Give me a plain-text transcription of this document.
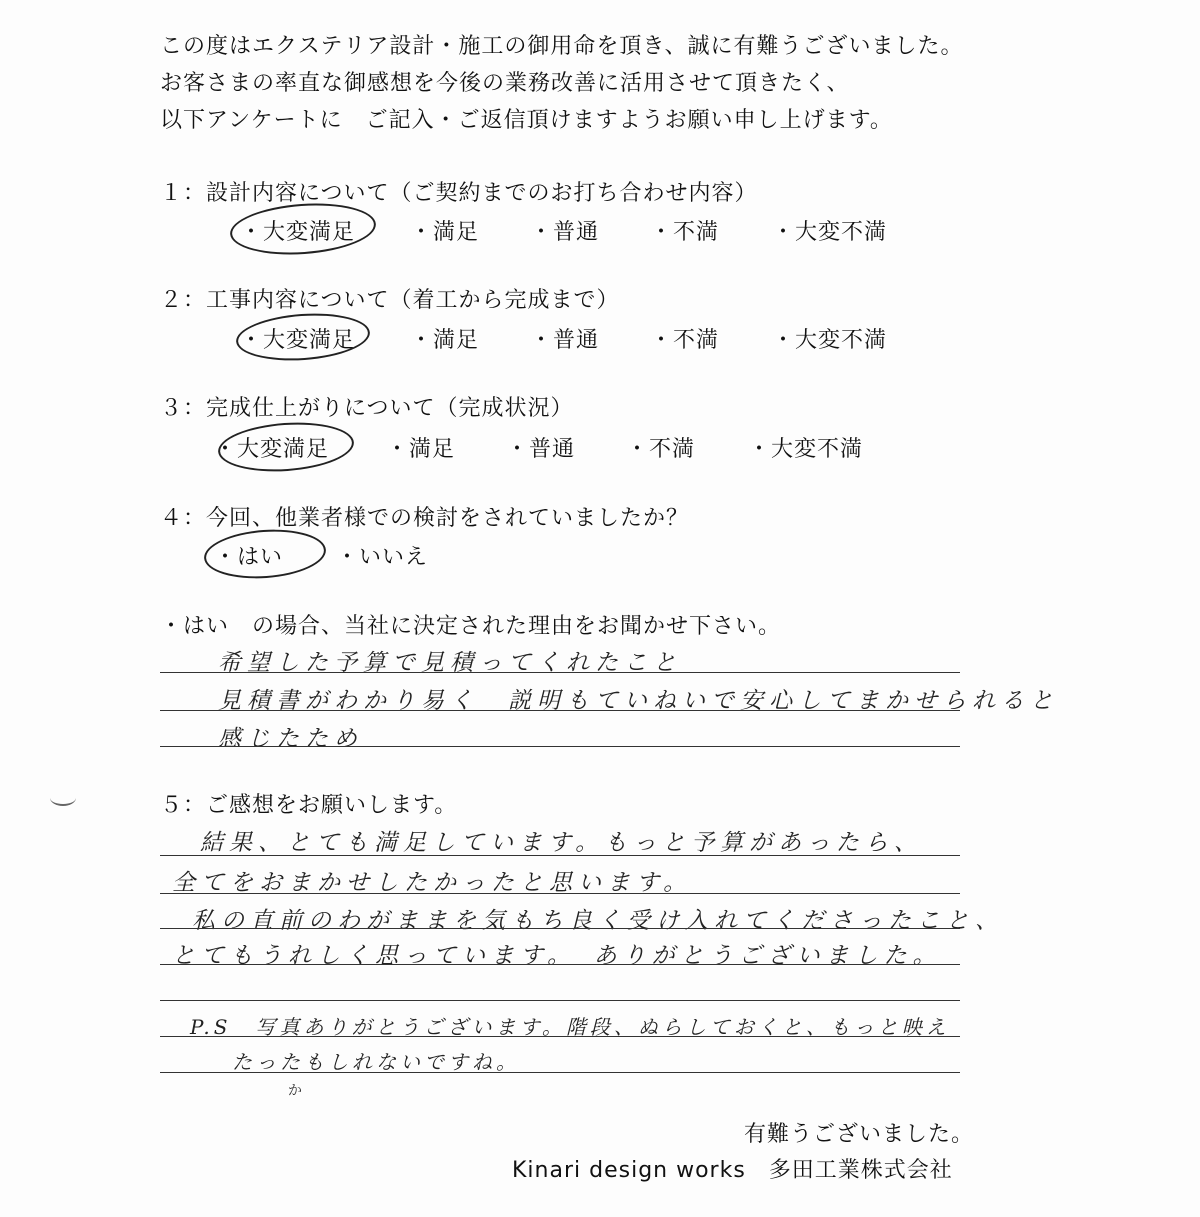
この度はエクステリア設計・施工の御用命を頂き、誠に有難うございました。
お客さまの率直な御感想を今後の業務改善に活用させて頂きたく、
以下アンケートに　ご記入・ご返信頂けますようお願い申し上げます。
１：設計内容について（ご契約までのお打ち合わせ内容）
・大変満足 ・満足 ・普通 ・不満 ・大変不満
２：工事内容について（着工から完成まで）
・大変満足 ・満足 ・普通 ・不満 ・大変不満
３：完成仕上がりについて（完成状況）
・大変満足	・満足 ・普通 ・不満 ・大変不満
４：今回、他業者様での検討をされていましたか？
・はい ・いいえ
・はい　の場合、当社に決定された理由をお聞かせ下さい。
希望した予算で見積ってくれたこと
見積書がわかり易く　説明もていねいで安心してまかせられると
感じたため
５：ご感想をお願いします。
結果、とても満足しています。もっと予算があったら、
全てをおまかせしたかったと思います。
私の直前のわがままを気もち良く受け入れてくださったこと、
とてもうれしく思っています。　ありがとうございました。
P.S　写真ありがとうございます。階段、ぬらしておくと、もっと映え
たったもしれないですね。
か
有難うございました。
Kinari design works　多田工業株式会社
